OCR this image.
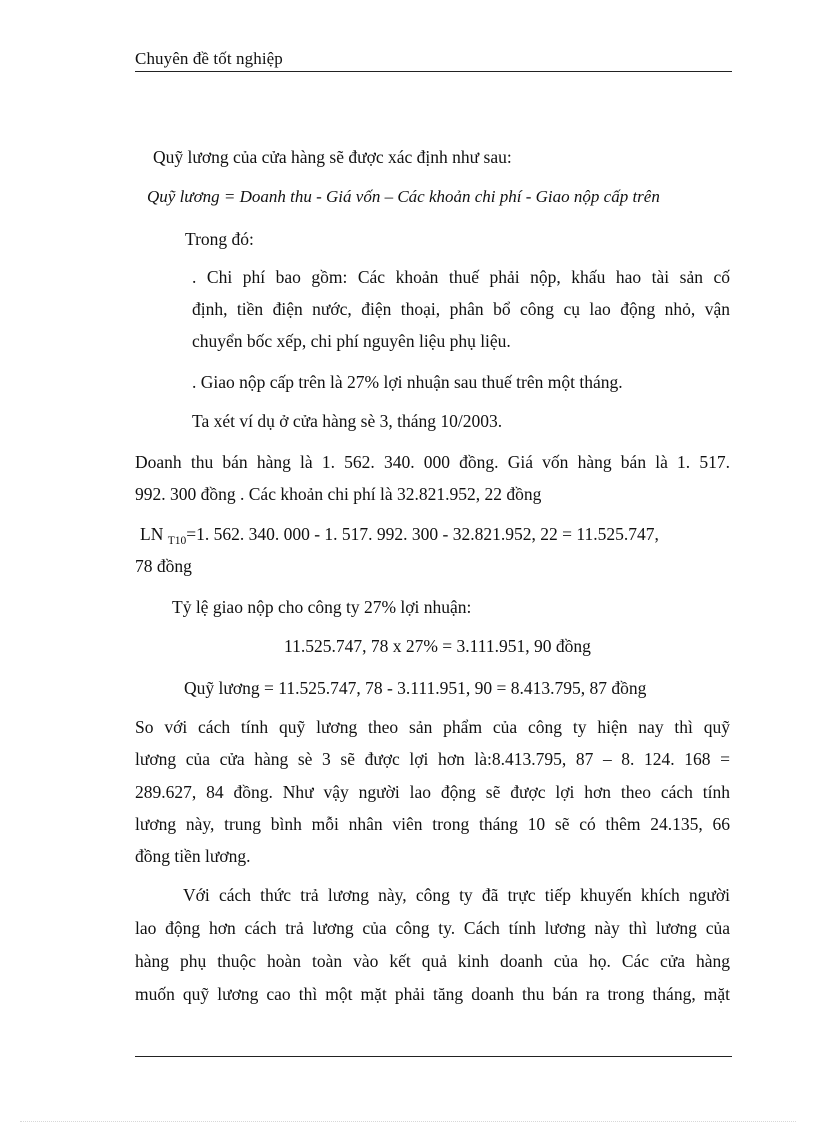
Chuyên đề tốt nghiệp
Quỹ lương của cửa hàng sẽ được xác định như sau:
Quỹ lương = Doanh thu - Giá vốn – Các khoản chi phí - Giao nộp cấp trên
Trong đó:
. Chi phí bao gồm: Các khoản thuế phải nộp, khấu hao tài sản cố
định, tiền điện nước, điện thoại, phân bổ công cụ lao động nhỏ, vận
chuyển bốc xếp, chi phí nguyên liệu phụ liệu.
. Giao nộp cấp trên là 27% lợi nhuận sau thuế trên một tháng.
Ta xét ví dụ ở cửa hàng sè 3, tháng 10/2003.
Doanh thu bán hàng là 1. 562. 340. 000 đồng. Giá vốn hàng bán là 1. 517.
992. 300 đồng . Các khoản chi phí là 32.821.952, 22 đồng
LN $_{T10}$=1. 562. 340. 000 - 1. 517. 992. 300 - 32.821.952, 22 = 11.525.747,
78 đồng
Tỷ lệ giao nộp cho công ty 27% lợi nhuận:
11.525.747, 78 x 27% = 3.111.951, 90 đồng
Quỹ lương = 11.525.747, 78 - 3.111.951, 90 = 8.413.795, 87 đồng
So với cách tính quỹ lương theo sản phẩm của công ty hiện nay thì quỹ
lương của cửa hàng sè 3 sẽ được lợi hơn là:8.413.795, 87 – 8. 124. 168 =
289.627, 84 đồng. Như vậy người lao động sẽ được lợi hơn theo cách tính
lương này, trung bình mỗi nhân viên trong tháng 10 sẽ có thêm 24.135, 66
đồng tiền lương.
Với cách thức trả lương này, công ty đã trực tiếp khuyến khích người
lao động hơn cách trả lương của công ty. Cách tính lương này thì lương của
hàng phụ thuộc hoàn toàn vào kết quả kinh doanh của họ. Các cửa hàng
muốn quỹ lương cao thì một mặt phải tăng doanh thu bán ra trong tháng, mặt
